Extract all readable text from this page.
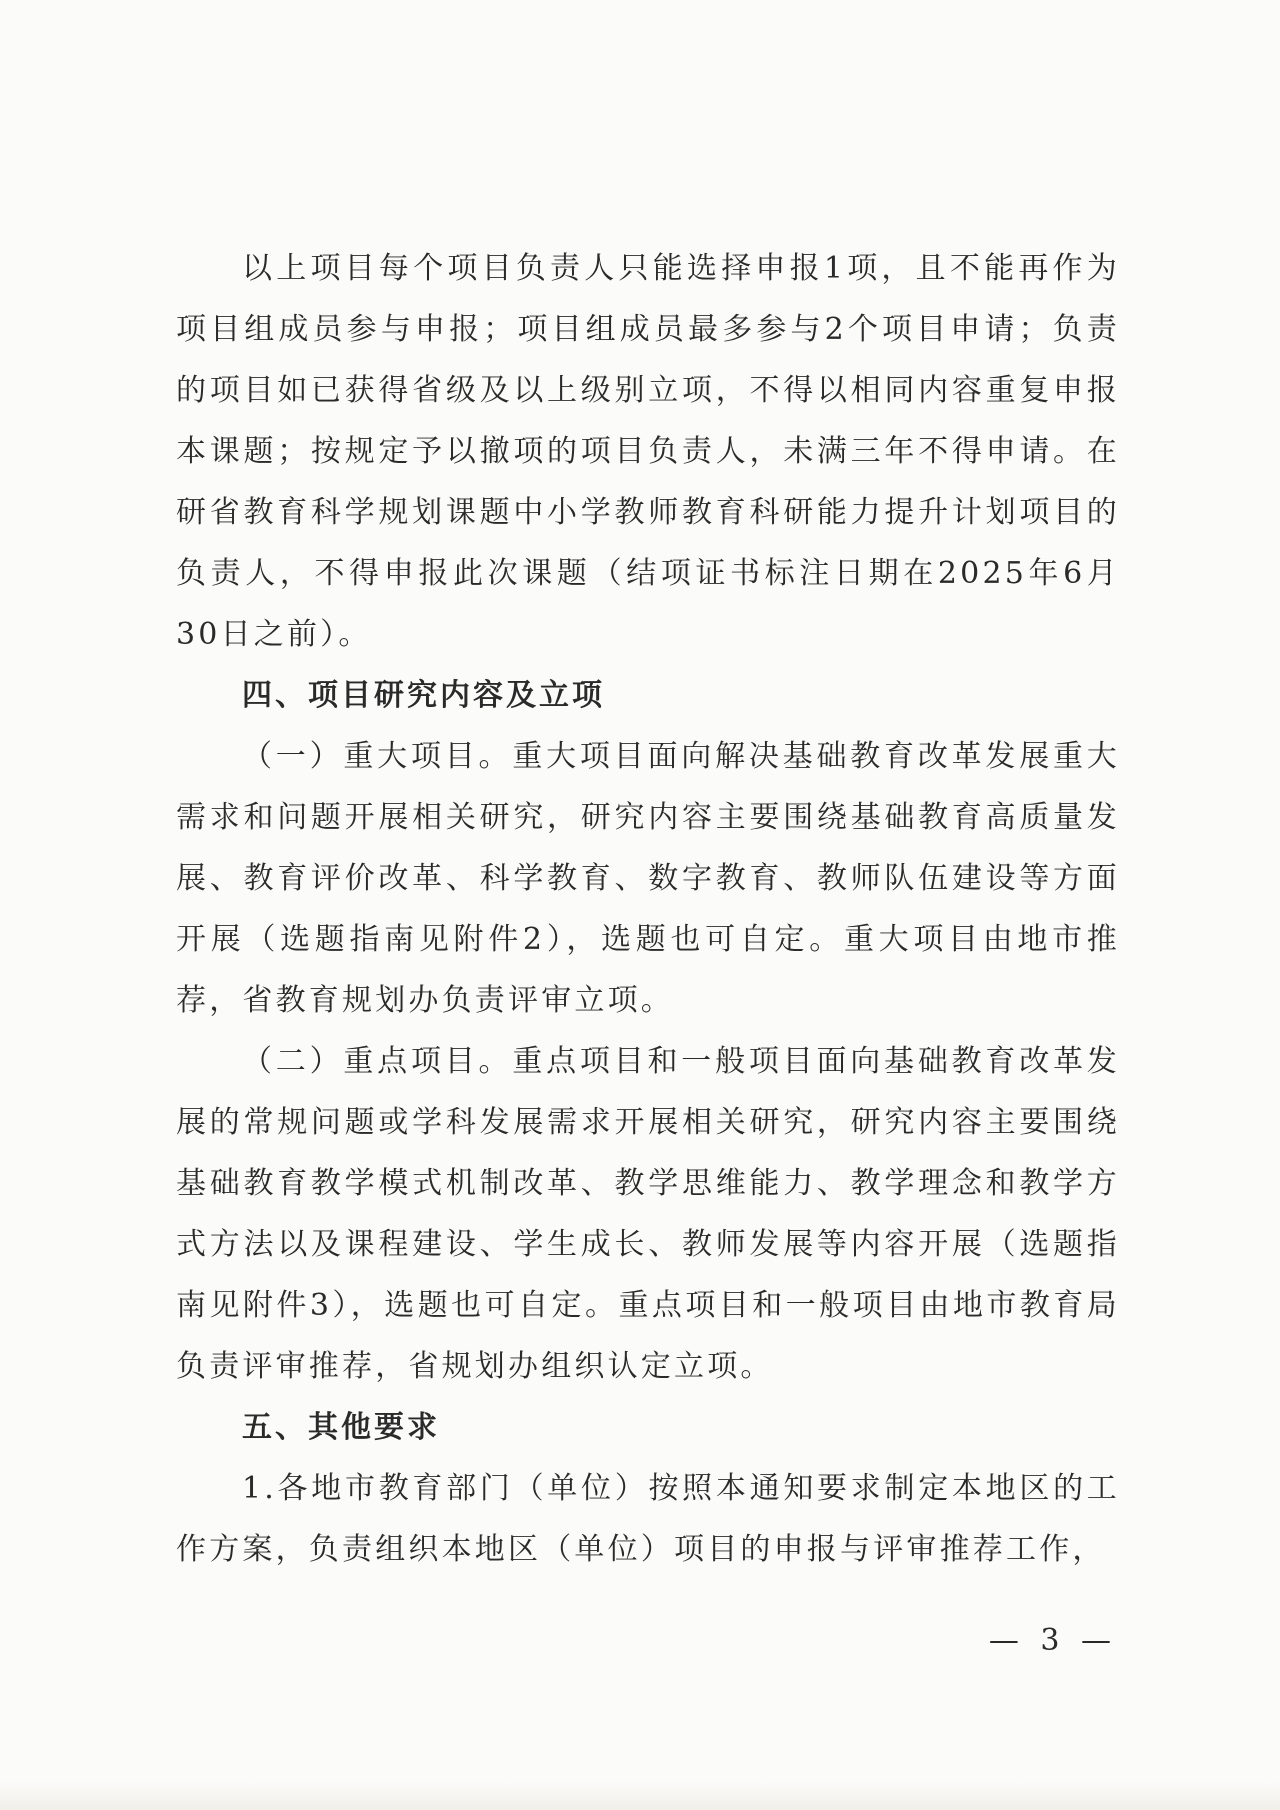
以上项目每个项目负责人只能选择申报1项，且不能再作为项目组成员参与申报；项目组成员最多参与2个项目申请；负责的项目如已获得省级及以上级别立项，不得以相同内容重复申报本课题；按规定予以撤项的项目负责人，未满三年不得申请。在研省教育科学规划课题中小学教师教育科研能力提升计划项目的负责人，不得申报此次课题（结项证书标注日期在2025年6月30日之前）。

四、项目研究内容及立项

（一）重大项目。重大项目面向解决基础教育改革发展重大需求和问题开展相关研究，研究内容主要围绕基础教育高质量发展、教育评价改革、科学教育、数字教育、教师队伍建设等方面开展（选题指南见附件2），选题也可自定。重大项目由地市推荐，省教育规划办负责评审立项。

（二）重点项目。重点项目和一般项目面向基础教育改革发展的常规问题或学科发展需求开展相关研究，研究内容主要围绕基础教育教学模式机制改革、教学思维能力、教学理念和教学方式方法以及课程建设、学生成长、教师发展等内容开展（选题指南见附件3），选题也可自定。重点项目和一般项目由地市教育局负责评审推荐，省规划办组织认定立项。

五、其他要求

1.各地市教育部门（单位）按照本通知要求制定本地区的工作方案，负责组织本地区（单位）项目的申报与评审推荐工作，

— 3 —
